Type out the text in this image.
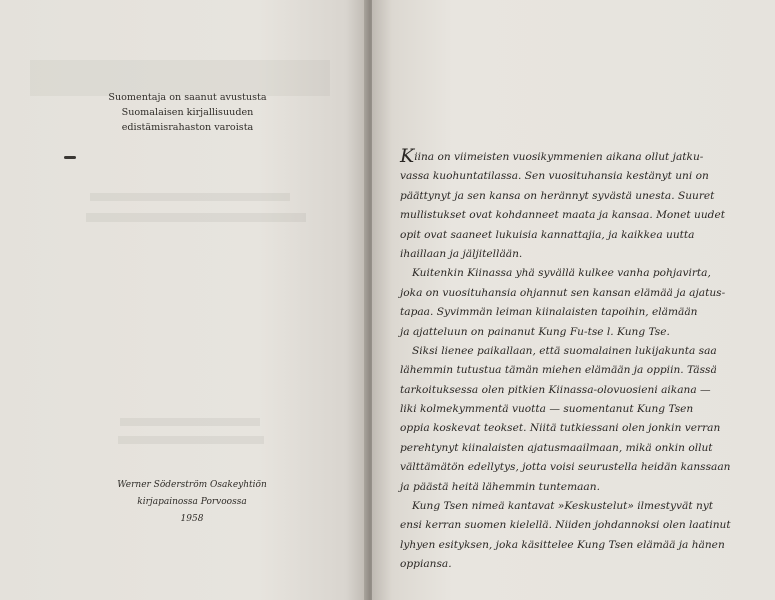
Suomentaja on saanut avustusta
Suomalaisen kirjallisuuden
edistämisrahaston varoista
Werner Söderström Osakeyhtiön
kirjapainossa Porvoossa
1958
Kiina on viimeisten vuosikymmenien aikana ollut jatku-
vassa kuohuntatilassa. Sen vuosituhansia kestänyt uni on
päättynyt ja sen kansa on herännyt syvästä unesta. Suuret
mullistukset ovat kohdanneet maata ja kansaa. Monet uudet
opit ovat saaneet lukuisia kannattajia, ja kaikkea uutta
ihaillaan ja jäljitellään.
Kuitenkin Kiinassa yhä syvällä kulkee vanha pohjavirta,
joka on vuosituhansia ohjannut sen kansan elämää ja ajatus-
tapaa. Syvimmän leiman kiinalaisten tapoihin, elämään
ja ajatteluun on painanut Kung Fu-tse l. Kung Tse.
Siksi lienee paikallaan, että suomalainen lukijakunta saa
lähemmin tutustua tämän miehen elämään ja oppiin. Tässä
tarkoituksessa olen pitkien Kiinassa-olovuosieni aikana —
liki kolmekymmentä vuotta — suomentanut Kung Tsen
oppia koskevat teokset. Niitä tutkiessani olen jonkin verran
perehtynyt kiinalaisten ajatusmaailmaan, mikä onkin ollut
välttämätön edellytys, jotta voisi seurustella heidän kanssaan
ja päästä heitä lähemmin tuntemaan.
Kung Tsen nimeä kantavat »Keskustelut» ilmestyvät nyt
ensi kerran suomen kielellä. Niiden johdannoksi olen laatinut
lyhyen esityksen, joka käsittelee Kung Tsen elämää ja hänen
oppiansa.
